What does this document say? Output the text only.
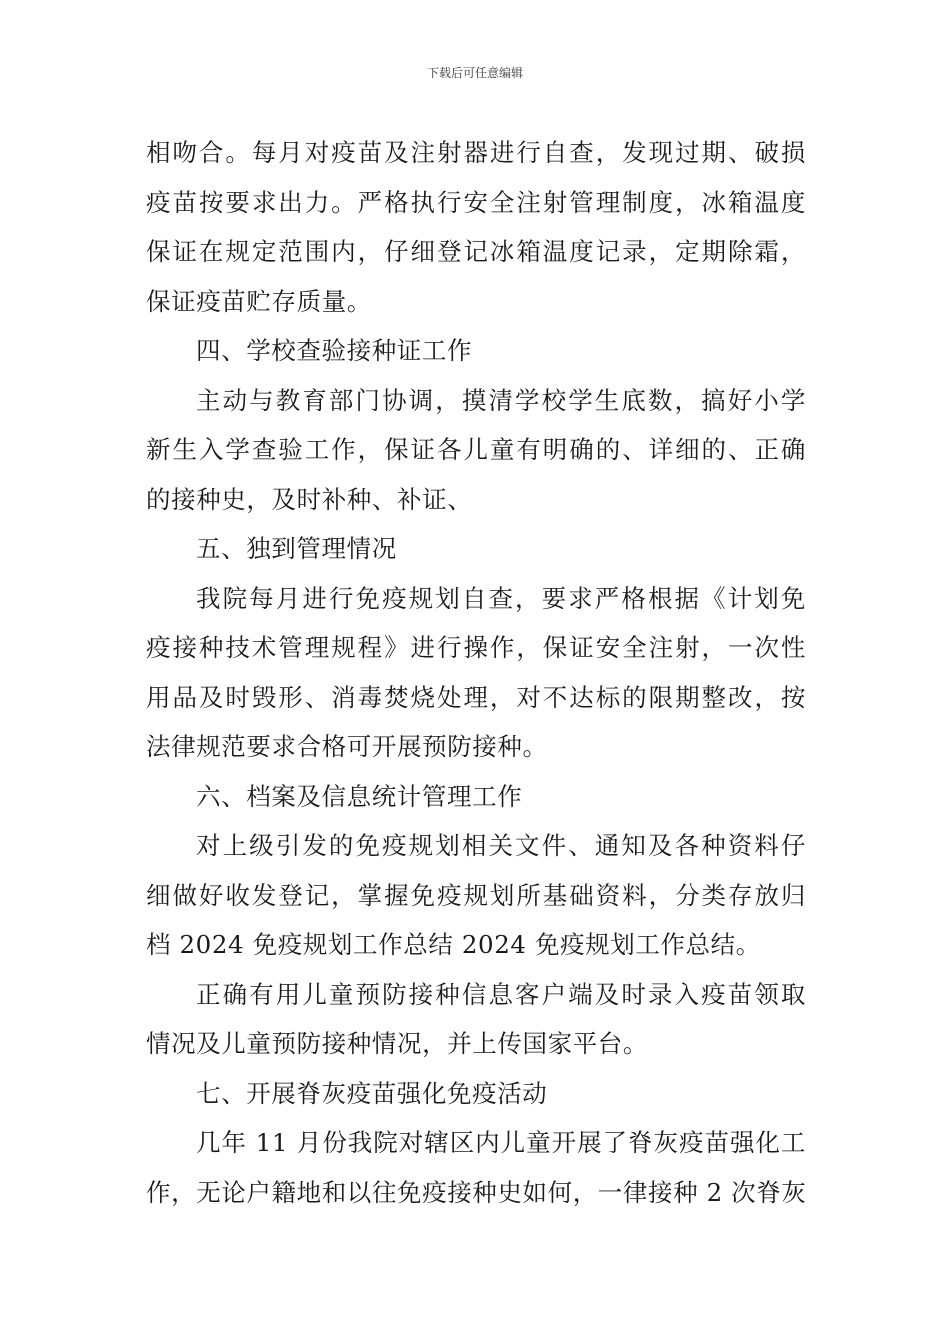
下载后可任意编辑
相吻合。每月对疫苗及注射器进行自查，发现过期、破损
疫苗按要求出力。严格执行安全注射管理制度，冰箱温度
保证在规定范围内，仔细登记冰箱温度记录，定期除霜，
保证疫苗贮存质量。
四、学校查验接种证工作
主动与教育部门协调，摸清学校学生底数，搞好小学
新生入学查验工作，保证各儿童有明确的、详细的、正确
的接种史，及时补种、补证、
五、独到管理情况
我院每月进行免疫规划自查，要求严格根据《计划免
疫接种技术管理规程》进行操作，保证安全注射，一次性
用品及时毁形、消毒焚烧处理，对不达标的限期整改，按
法律规范要求合格可开展预防接种。
六、档案及信息统计管理工作
对上级引发的免疫规划相关文件、通知及各种资料仔
细做好收发登记，掌握免疫规划所基础资料，分类存放归
档 2024 免疫规划工作总结 2024 免疫规划工作总结。
正确有用儿童预防接种信息客户端及时录入疫苗领取
情况及儿童预防接种情况，并上传国家平台。
七、开展脊灰疫苗强化免疫活动
几年 11 月份我院对辖区内儿童开展了脊灰疫苗强化工
作，无论户籍地和以往免疫接种史如何，一律接种 2 次脊灰
